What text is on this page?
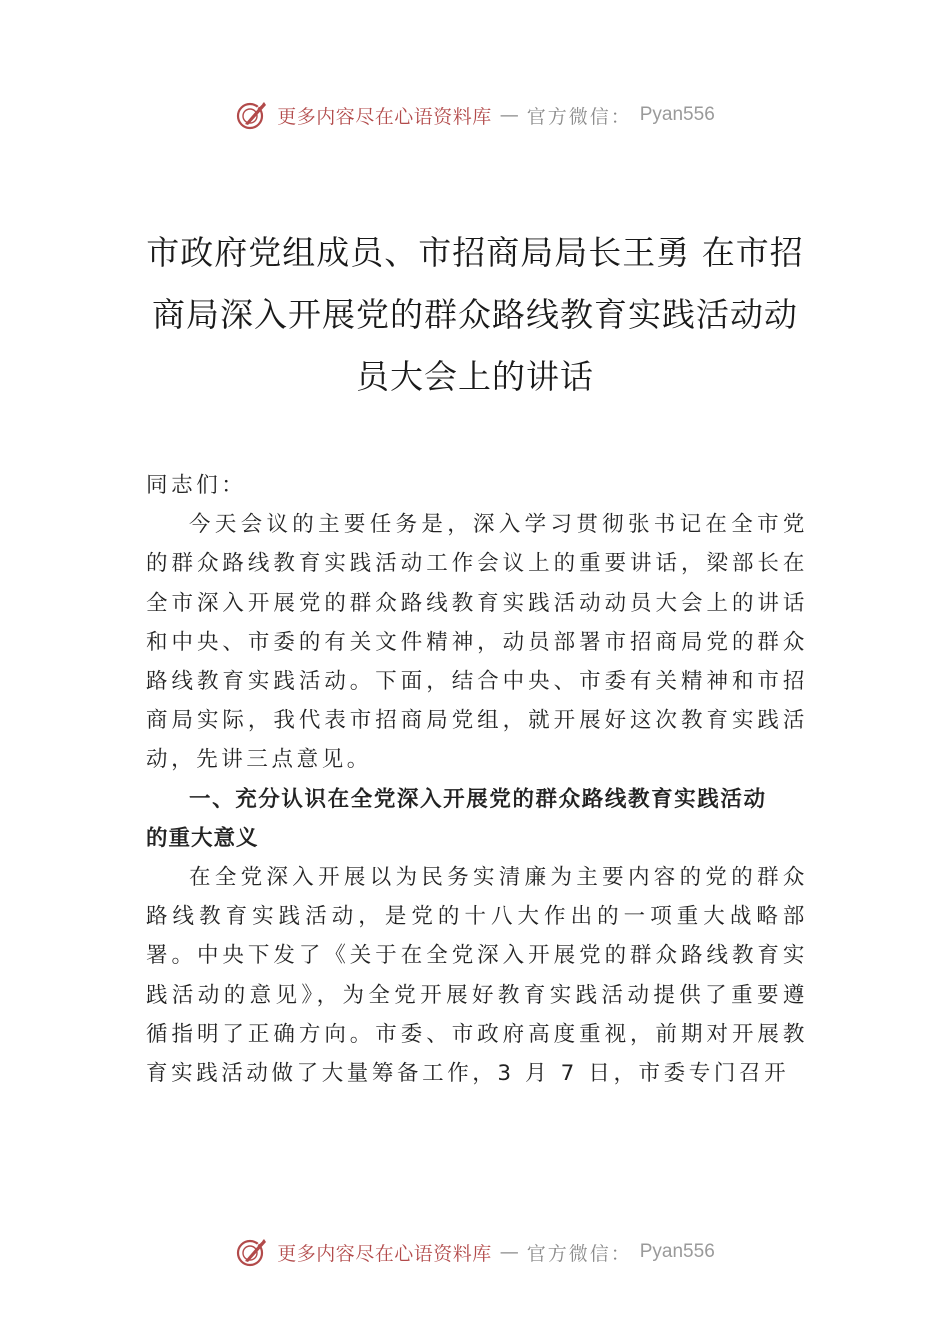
更多内容尽在心语资料库 — 官方微信： Pyan556
市政府党组成员、市招商局局长王勇 在市招商局深入开展党的群众路线教育实践活动动员大会上的讲话

同志们：

今天会议的主要任务是，深入学习贯彻张书记在全市党的群众路线教育实践活动工作会议上的重要讲话，梁部长在全市深入开展党的群众路线教育实践活动动员大会上的讲话和中央、市委的有关文件精神，动员部署市招商局党的群众路线教育实践活动。下面，结合中央、市委有关精神和市招商局实际，我代表市招商局党组，就开展好这次教育实践活动，先讲三点意见。

一、充分认识在全党深入开展党的群众路线教育实践活动的重大意义

在全党深入开展以为民务实清廉为主要内容的党的群众路线教育实践活动，是党的十八大作出的一项重大战略部署。中央下发了《关于在全党深入开展党的群众路线教育实践活动的意见》，为全党开展好教育实践活动提供了重要遵 循指明了正确方向。市委、市政府高度重视，前期对开展教育实践活动做了大量筹备工作，3 月 7 日，市委专门召开

更多内容尽在心语资料库 — 官方微信： Pyan556
